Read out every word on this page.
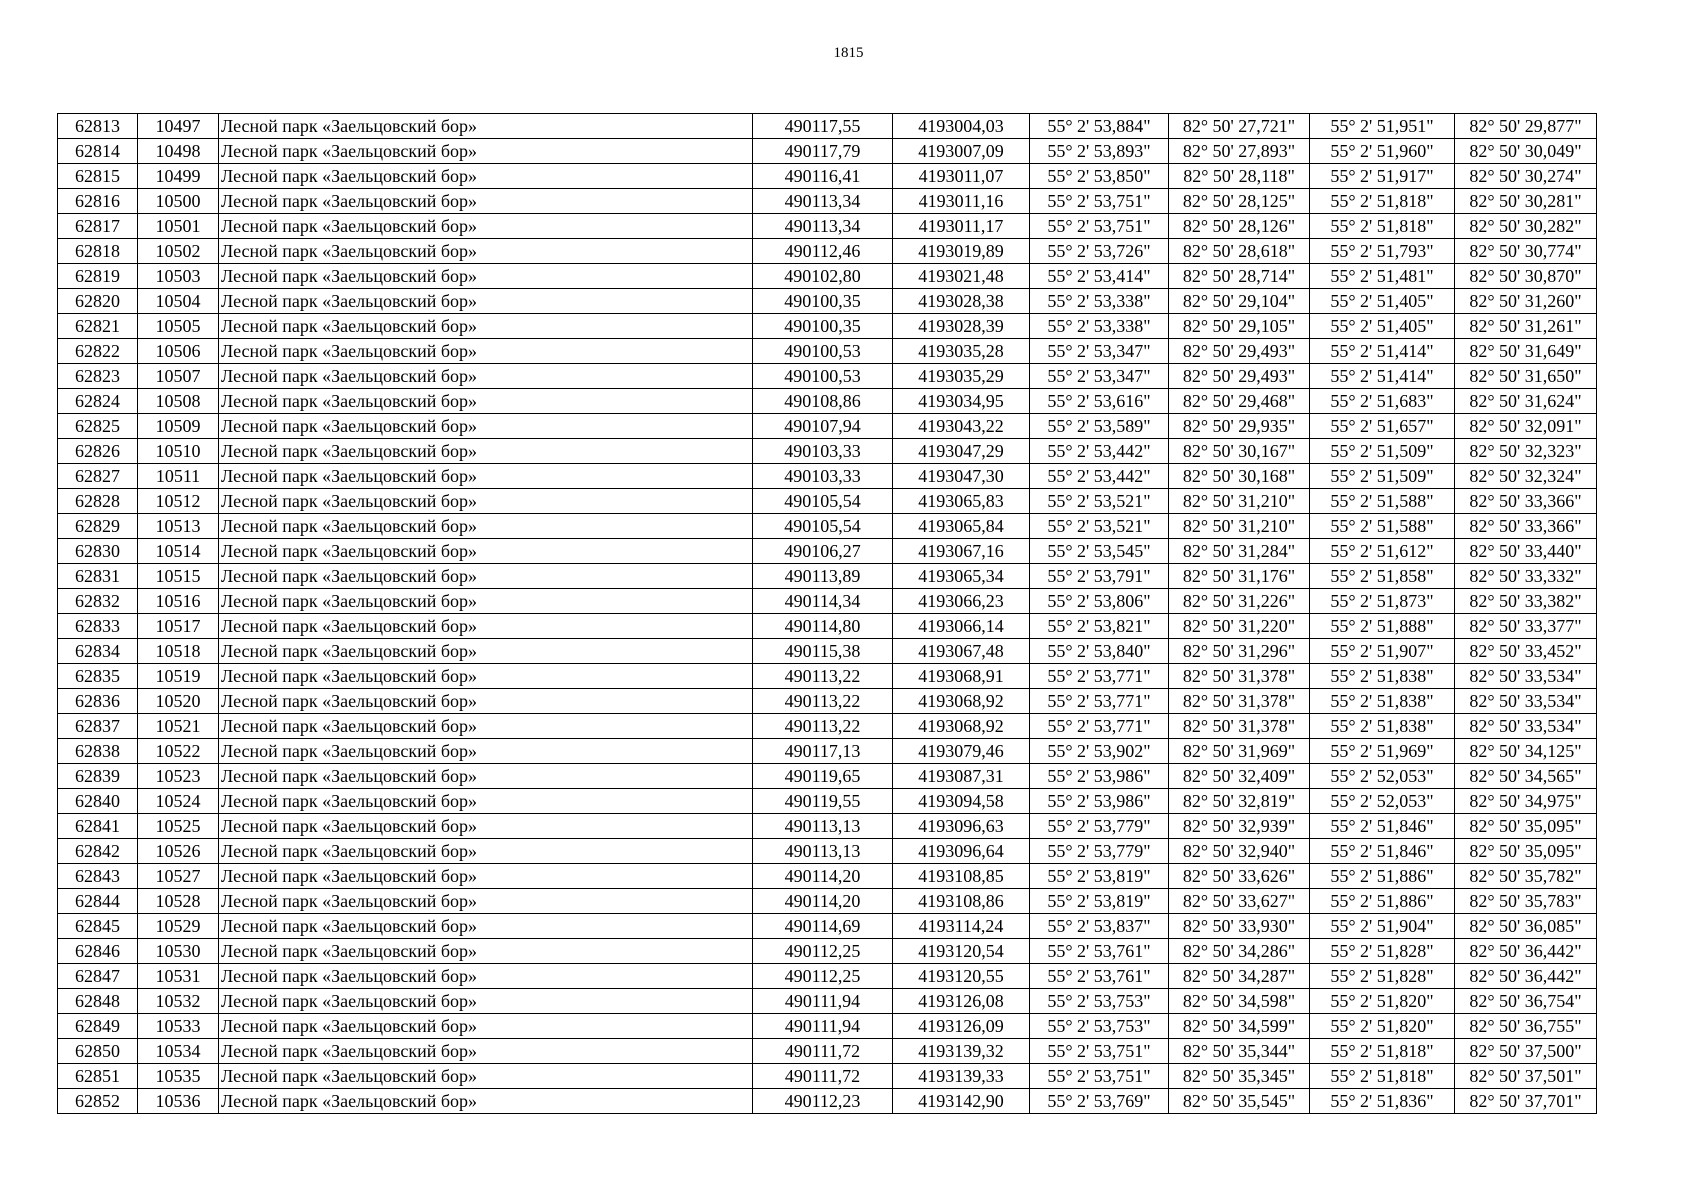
1815
62813	10497	Лесной парк «Заельцовский бор»	490117,55	4193004,03	55° 2' 53,884"	82° 50' 27,721"	55° 2' 51,951"	82° 50' 29,877"
62814	10498	Лесной парк «Заельцовский бор»	490117,79	4193007,09	55° 2' 53,893"	82° 50' 27,893"	55° 2' 51,960"	82° 50' 30,049"
62815	10499	Лесной парк «Заельцовский бор»	490116,41	4193011,07	55° 2' 53,850"	82° 50' 28,118"	55° 2' 51,917"	82° 50' 30,274"
62816	10500	Лесной парк «Заельцовский бор»	490113,34	4193011,16	55° 2' 53,751"	82° 50' 28,125"	55° 2' 51,818"	82° 50' 30,281"
62817	10501	Лесной парк «Заельцовский бор»	490113,34	4193011,17	55° 2' 53,751"	82° 50' 28,126"	55° 2' 51,818"	82° 50' 30,282"
62818	10502	Лесной парк «Заельцовский бор»	490112,46	4193019,89	55° 2' 53,726"	82° 50' 28,618"	55° 2' 51,793"	82° 50' 30,774"
62819	10503	Лесной парк «Заельцовский бор»	490102,80	4193021,48	55° 2' 53,414"	82° 50' 28,714"	55° 2' 51,481"	82° 50' 30,870"
62820	10504	Лесной парк «Заельцовский бор»	490100,35	4193028,38	55° 2' 53,338"	82° 50' 29,104"	55° 2' 51,405"	82° 50' 31,260"
62821	10505	Лесной парк «Заельцовский бор»	490100,35	4193028,39	55° 2' 53,338"	82° 50' 29,105"	55° 2' 51,405"	82° 50' 31,261"
62822	10506	Лесной парк «Заельцовский бор»	490100,53	4193035,28	55° 2' 53,347"	82° 50' 29,493"	55° 2' 51,414"	82° 50' 31,649"
62823	10507	Лесной парк «Заельцовский бор»	490100,53	4193035,29	55° 2' 53,347"	82° 50' 29,493"	55° 2' 51,414"	82° 50' 31,650"
62824	10508	Лесной парк «Заельцовский бор»	490108,86	4193034,95	55° 2' 53,616"	82° 50' 29,468"	55° 2' 51,683"	82° 50' 31,624"
62825	10509	Лесной парк «Заельцовский бор»	490107,94	4193043,22	55° 2' 53,589"	82° 50' 29,935"	55° 2' 51,657"	82° 50' 32,091"
62826	10510	Лесной парк «Заельцовский бор»	490103,33	4193047,29	55° 2' 53,442"	82° 50' 30,167"	55° 2' 51,509"	82° 50' 32,323"
62827	10511	Лесной парк «Заельцовский бор»	490103,33	4193047,30	55° 2' 53,442"	82° 50' 30,168"	55° 2' 51,509"	82° 50' 32,324"
62828	10512	Лесной парк «Заельцовский бор»	490105,54	4193065,83	55° 2' 53,521"	82° 50' 31,210"	55° 2' 51,588"	82° 50' 33,366"
62829	10513	Лесной парк «Заельцовский бор»	490105,54	4193065,84	55° 2' 53,521"	82° 50' 31,210"	55° 2' 51,588"	82° 50' 33,366"
62830	10514	Лесной парк «Заельцовский бор»	490106,27	4193067,16	55° 2' 53,545"	82° 50' 31,284"	55° 2' 51,612"	82° 50' 33,440"
62831	10515	Лесной парк «Заельцовский бор»	490113,89	4193065,34	55° 2' 53,791"	82° 50' 31,176"	55° 2' 51,858"	82° 50' 33,332"
62832	10516	Лесной парк «Заельцовский бор»	490114,34	4193066,23	55° 2' 53,806"	82° 50' 31,226"	55° 2' 51,873"	82° 50' 33,382"
62833	10517	Лесной парк «Заельцовский бор»	490114,80	4193066,14	55° 2' 53,821"	82° 50' 31,220"	55° 2' 51,888"	82° 50' 33,377"
62834	10518	Лесной парк «Заельцовский бор»	490115,38	4193067,48	55° 2' 53,840"	82° 50' 31,296"	55° 2' 51,907"	82° 50' 33,452"
62835	10519	Лесной парк «Заельцовский бор»	490113,22	4193068,91	55° 2' 53,771"	82° 50' 31,378"	55° 2' 51,838"	82° 50' 33,534"
62836	10520	Лесной парк «Заельцовский бор»	490113,22	4193068,92	55° 2' 53,771"	82° 50' 31,378"	55° 2' 51,838"	82° 50' 33,534"
62837	10521	Лесной парк «Заельцовский бор»	490113,22	4193068,92	55° 2' 53,771"	82° 50' 31,378"	55° 2' 51,838"	82° 50' 33,534"
62838	10522	Лесной парк «Заельцовский бор»	490117,13	4193079,46	55° 2' 53,902"	82° 50' 31,969"	55° 2' 51,969"	82° 50' 34,125"
62839	10523	Лесной парк «Заельцовский бор»	490119,65	4193087,31	55° 2' 53,986"	82° 50' 32,409"	55° 2' 52,053"	82° 50' 34,565"
62840	10524	Лесной парк «Заельцовский бор»	490119,55	4193094,58	55° 2' 53,986"	82° 50' 32,819"	55° 2' 52,053"	82° 50' 34,975"
62841	10525	Лесной парк «Заельцовский бор»	490113,13	4193096,63	55° 2' 53,779"	82° 50' 32,939"	55° 2' 51,846"	82° 50' 35,095"
62842	10526	Лесной парк «Заельцовский бор»	490113,13	4193096,64	55° 2' 53,779"	82° 50' 32,940"	55° 2' 51,846"	82° 50' 35,095"
62843	10527	Лесной парк «Заельцовский бор»	490114,20	4193108,85	55° 2' 53,819"	82° 50' 33,626"	55° 2' 51,886"	82° 50' 35,782"
62844	10528	Лесной парк «Заельцовский бор»	490114,20	4193108,86	55° 2' 53,819"	82° 50' 33,627"	55° 2' 51,886"	82° 50' 35,783"
62845	10529	Лесной парк «Заельцовский бор»	490114,69	4193114,24	55° 2' 53,837"	82° 50' 33,930"	55° 2' 51,904"	82° 50' 36,085"
62846	10530	Лесной парк «Заельцовский бор»	490112,25	4193120,54	55° 2' 53,761"	82° 50' 34,286"	55° 2' 51,828"	82° 50' 36,442"
62847	10531	Лесной парк «Заельцовский бор»	490112,25	4193120,55	55° 2' 53,761"	82° 50' 34,287"	55° 2' 51,828"	82° 50' 36,442"
62848	10532	Лесной парк «Заельцовский бор»	490111,94	4193126,08	55° 2' 53,753"	82° 50' 34,598"	55° 2' 51,820"	82° 50' 36,754"
62849	10533	Лесной парк «Заельцовский бор»	490111,94	4193126,09	55° 2' 53,753"	82° 50' 34,599"	55° 2' 51,820"	82° 50' 36,755"
62850	10534	Лесной парк «Заельцовский бор»	490111,72	4193139,32	55° 2' 53,751"	82° 50' 35,344"	55° 2' 51,818"	82° 50' 37,500"
62851	10535	Лесной парк «Заельцовский бор»	490111,72	4193139,33	55° 2' 53,751"	82° 50' 35,345"	55° 2' 51,818"	82° 50' 37,501"
62852	10536	Лесной парк «Заельцовский бор»	490112,23	4193142,90	55° 2' 53,769"	82° 50' 35,545"	55° 2' 51,836"	82° 50' 37,701"
